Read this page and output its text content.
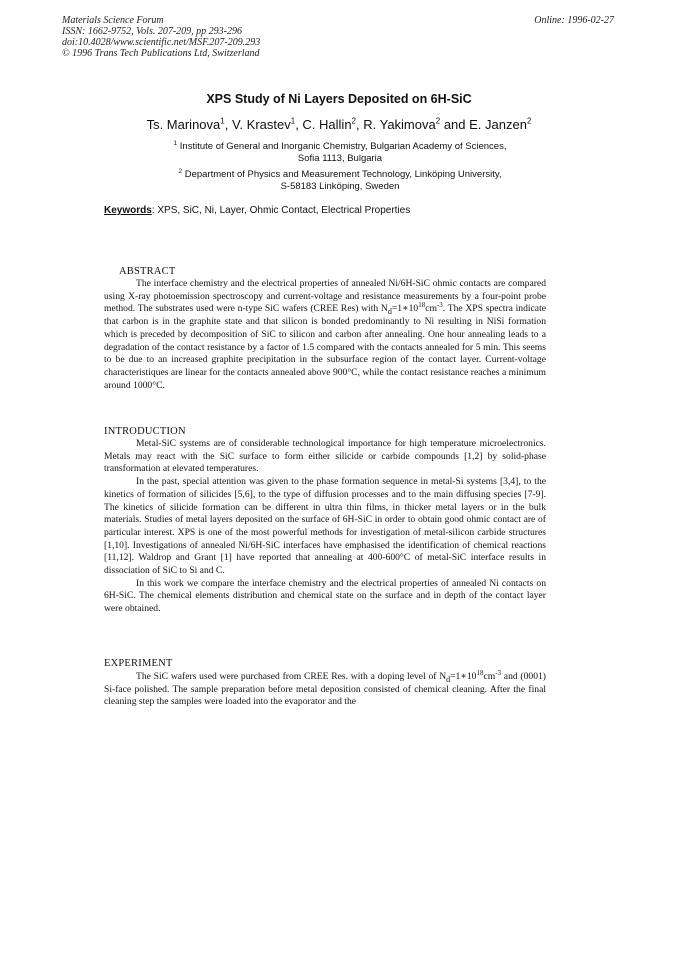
Materials Science Forum
ISSN: 1662-9752, Vols. 207-209, pp 293-296
doi:10.4028/www.scientific.net/MSF.207-209.293
© 1996 Trans Tech Publications Ltd, Switzerland
Online: 1996-02-27
XPS Study of Ni Layers Deposited on 6H-SiC
Ts. Marinova$^1$, V. Krastev$^1$, C. Hallin$^2$, R. Yakimova$^2$ and E. Janzen$^2$
$^1$ Institute of General and Inorganic Chemistry, Bulgarian Academy of Sciences,
Sofia 1113, Bulgaria
$^2$ Department of Physics and Measurement Technology, Linköping University,
S-58183 Linköping, Sweden
Keywords: XPS, SiC, Ni, Layer, Ohmic Contact, Electrical Properties
ABSTRACT

The interface chemistry and the electrical properties of annealed Ni/6H-SiC ohmic contacts are compared using X-ray photoemission spectroscopy and current-voltage and resistance measurements by a four-point probe method. The substrates used were n-type SiC wafers (CREE Res) with $N_d=1∗10^{18}cm^{-3}$. The XPS spectra indicate that carbon is in the graphite state and that silicon is bonded predominantly to Ni resulting in NiSi formation which is preceded by decomposition of SiC to silicon and carbon after annealing. One hour annealing leads to a degradation of the contact resistance by a factor of 1.5 compared with the contacts annealed for 5 min. This seems to be due to an increased graphite precipitation in the subsurface region of the contact layer. Current-voltage characteristiques are linear for the contacts annealed above 900°C, while the contact resistance reaches a minimum around 1000°C.

INTRODUCTION

Metal-SiC systems are of considerable technological importance for high temperature microelectronics. Metals may react with the SiC surface to form either silicide or carbide compounds [1,2] by solid-phase transformation at elevated temperatures.

In the past, special attention was given to the phase formation sequence in metal-Si systems [3,4], to the kinetics of formation of silicides [5,6], to the type of diffusion processes and to the main diffusing species [7-9]. The kinetics of silicide formation can be different in ultra thin films, in thicker metal layers or in the bulk materials. Studies of metal layers deposited on the surface of 6H-SiC in order to obtain good ohmic contact are of particular interest. XPS is one of the most powerful methods for investigation of metal-silicon carbide structures [1,10]. Investigations of annealed Ni/6H-SiC interfaces have emphasised the identification of chemical reactions [11,12]. Waldrop and Grant [1] have reported that annealing at 400-600°C of metal-SiC interface results in dissociation of SiC to Si and C.

In this work we compare the interface chemistry and the electrical properties of annealed Ni contacts on 6H-SiC. The chemical elements distribution and chemical state on the surface and in depth of the contact layer were obtained.

EXPERIMENT

The SiC wafers used were purchased from CREE Res. with a doping level of $N_d=1∗10^{18}cm^{-3}$ and (0001) Si-face polished. The sample preparation before metal deposition consisted of chemical cleaning. After the final cleaning step the samples were loaded into the evaporator and the
